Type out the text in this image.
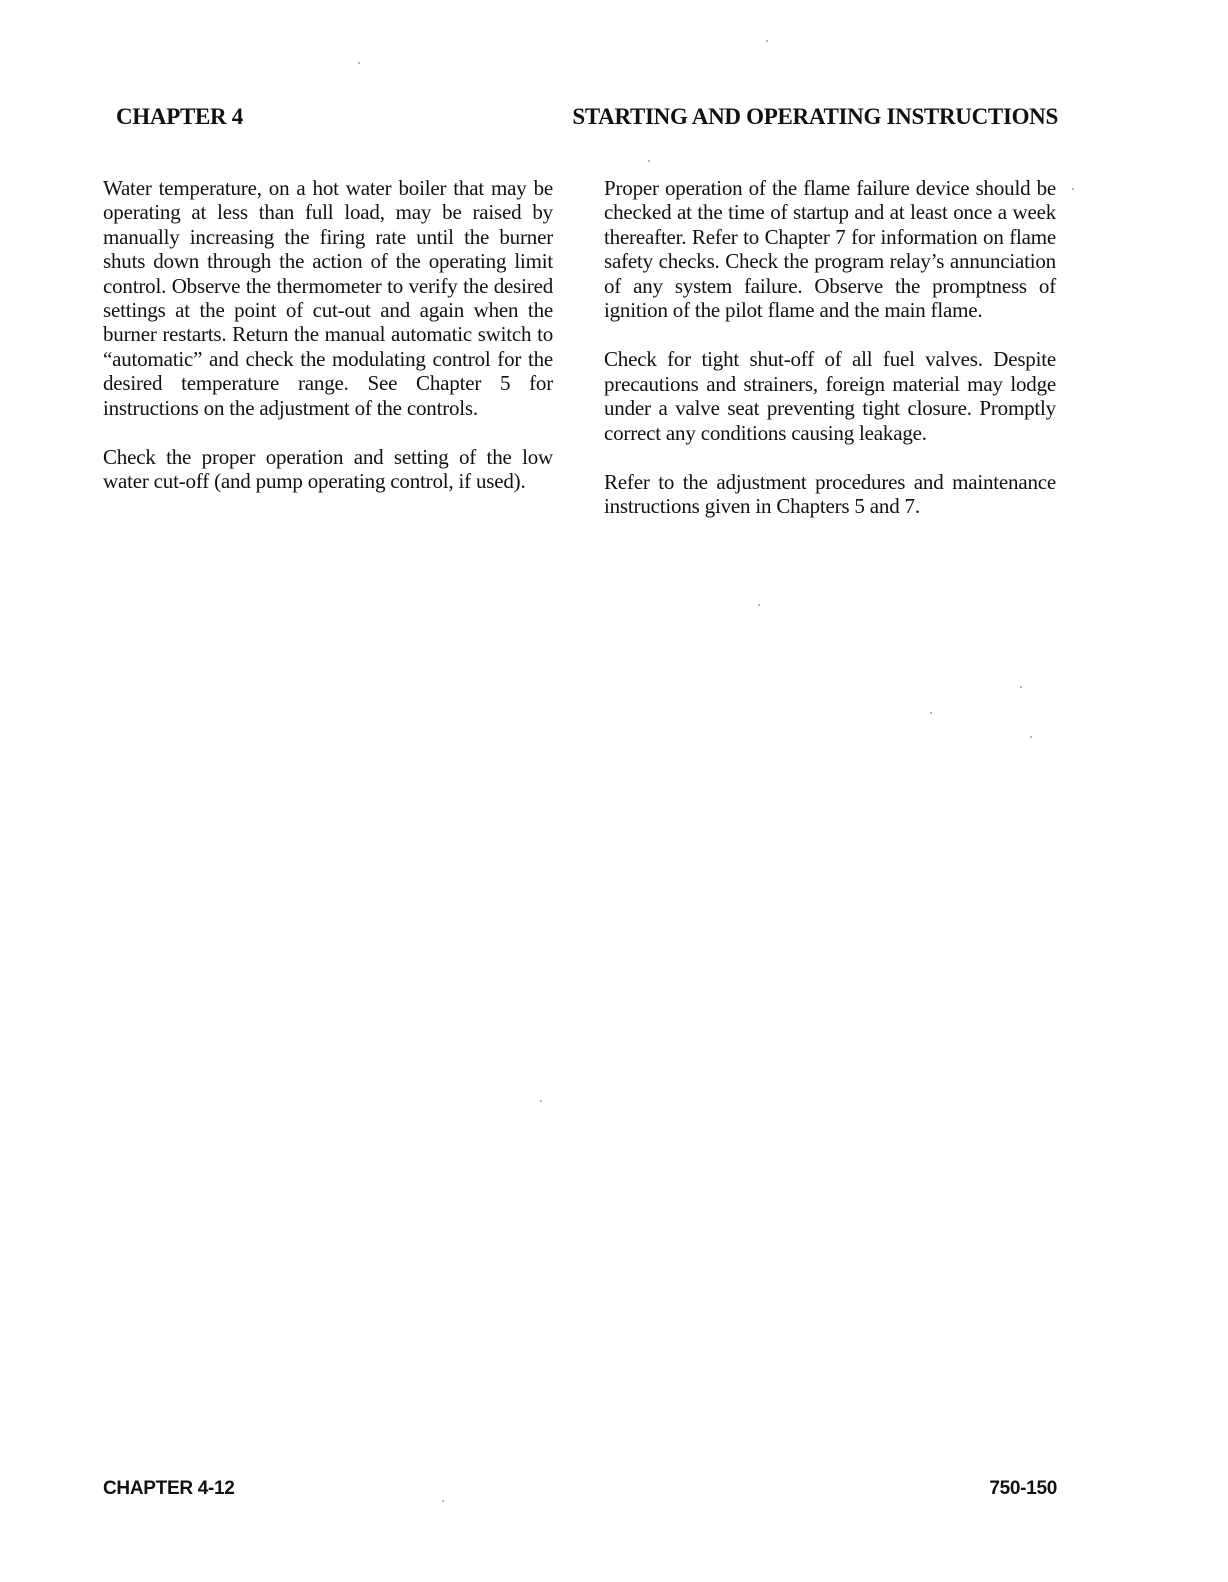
CHAPTER 4	STARTING AND OPERATING INSTRUCTIONS

Water temperature, on a hot water boiler that may be operating at less than full load, may be raised by manually increasing the firing rate until the burner shuts down through the action of the operating limit control. Observe the thermometer to verify the desired settings at the point of cut-out and again when the burner restarts. Return the manual automatic switch to “automatic” and check the modulating control for the desired temperature range. See Chapter 5 for instructions on the adjustment of the controls.

Check the proper operation and setting of the low water cut-off (and pump operating control, if used).

Proper operation of the flame failure device should be checked at the time of startup and at least once a week thereafter. Refer to Chapter 7 for information on flame safety checks. Check the program relay’s annunciation of any system failure. Observe the promptness of ignition of the pilot flame and the main flame.

Check for tight shut-off of all fuel valves. Despite precautions and strainers, foreign material may lodge under a valve seat preventing tight closure. Promptly correct any conditions causing leakage.

Refer to the adjustment procedures and maintenance instructions given in Chapters 5 and 7.

CHAPTER 4-12	750-150
